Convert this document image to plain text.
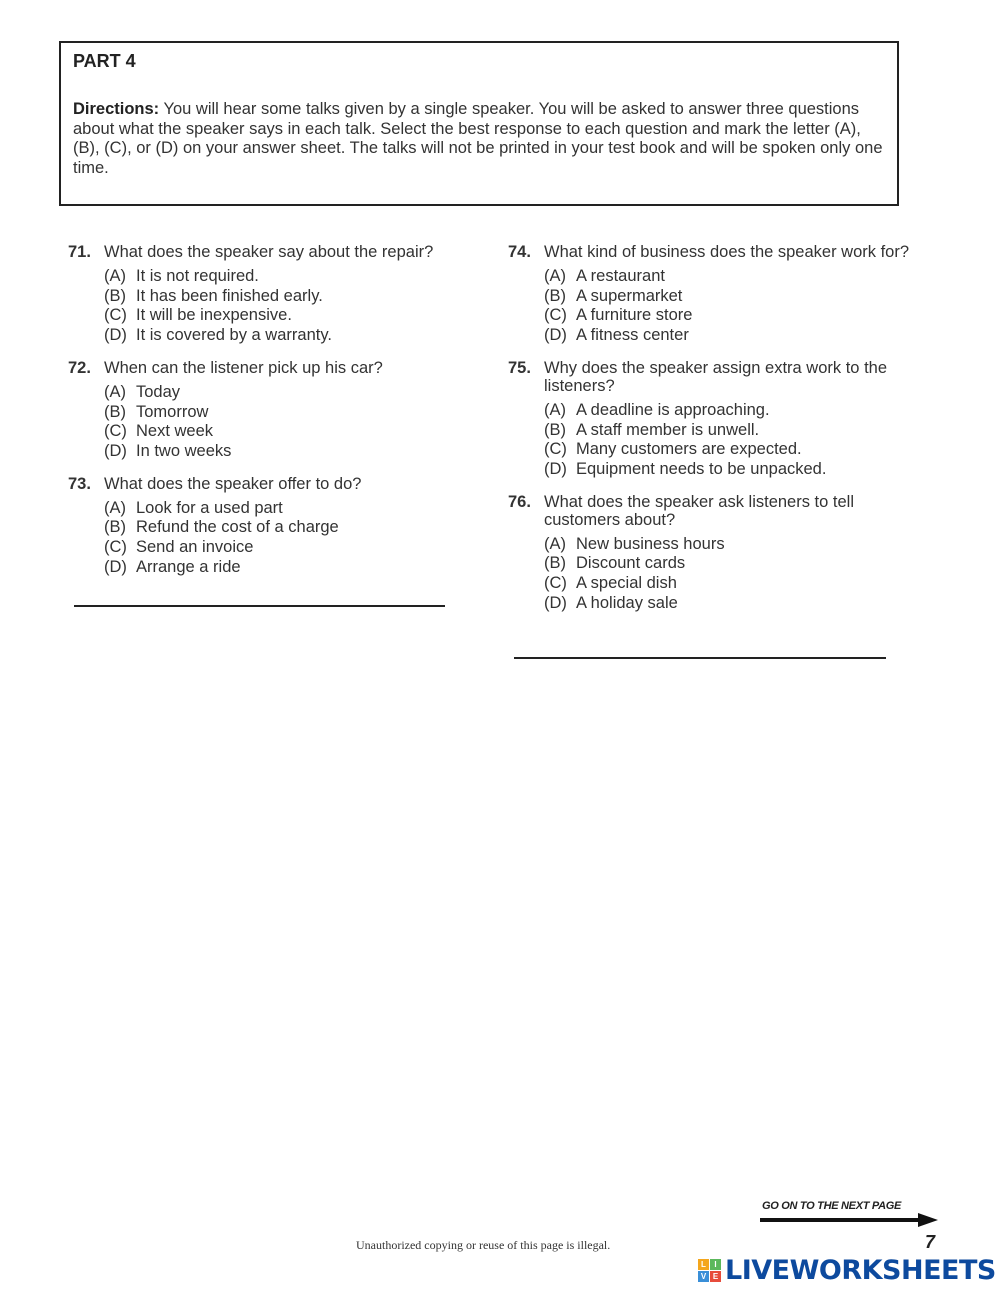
PART 4

Directions: You will hear some talks given by a single speaker. You will be asked to answer three questions about what the speaker says in each talk. Select the best response to each question and mark the letter (A), (B), (C), or (D) on your answer sheet. The talks will not be printed in your test book and will be spoken only one time.

71. What does the speaker say about the repair?
(A) It is not required.
(B) It has been finished early.
(C) It will be inexpensive.
(D) It is covered by a warranty.
72. When can the listener pick up his car?
(A) Today
(B) Tomorrow
(C) Next week
(D) In two weeks
73. What does the speaker offer to do?
(A) Look for a used part
(B) Refund the cost of a charge
(C) Send an invoice
(D) Arrange a ride
74. What kind of business does the speaker work for?
(A) A restaurant
(B) A supermarket
(C) A furniture store
(D) A fitness center
75. Why does the speaker assign extra work to the listeners?
(A) A deadline is approaching.
(B) A staff member is unwell.
(C) Many customers are expected.
(D) Equipment needs to be unpacked.
76. What does the speaker ask listeners to tell customers about?
(A) New business hours
(B) Discount cards
(C) A special dish
(D) A holiday sale
GO ON TO THE NEXT PAGE
7
Unauthorized copying or reuse of this page is illegal.
L	I
V E LIVEWORKSHEETS
